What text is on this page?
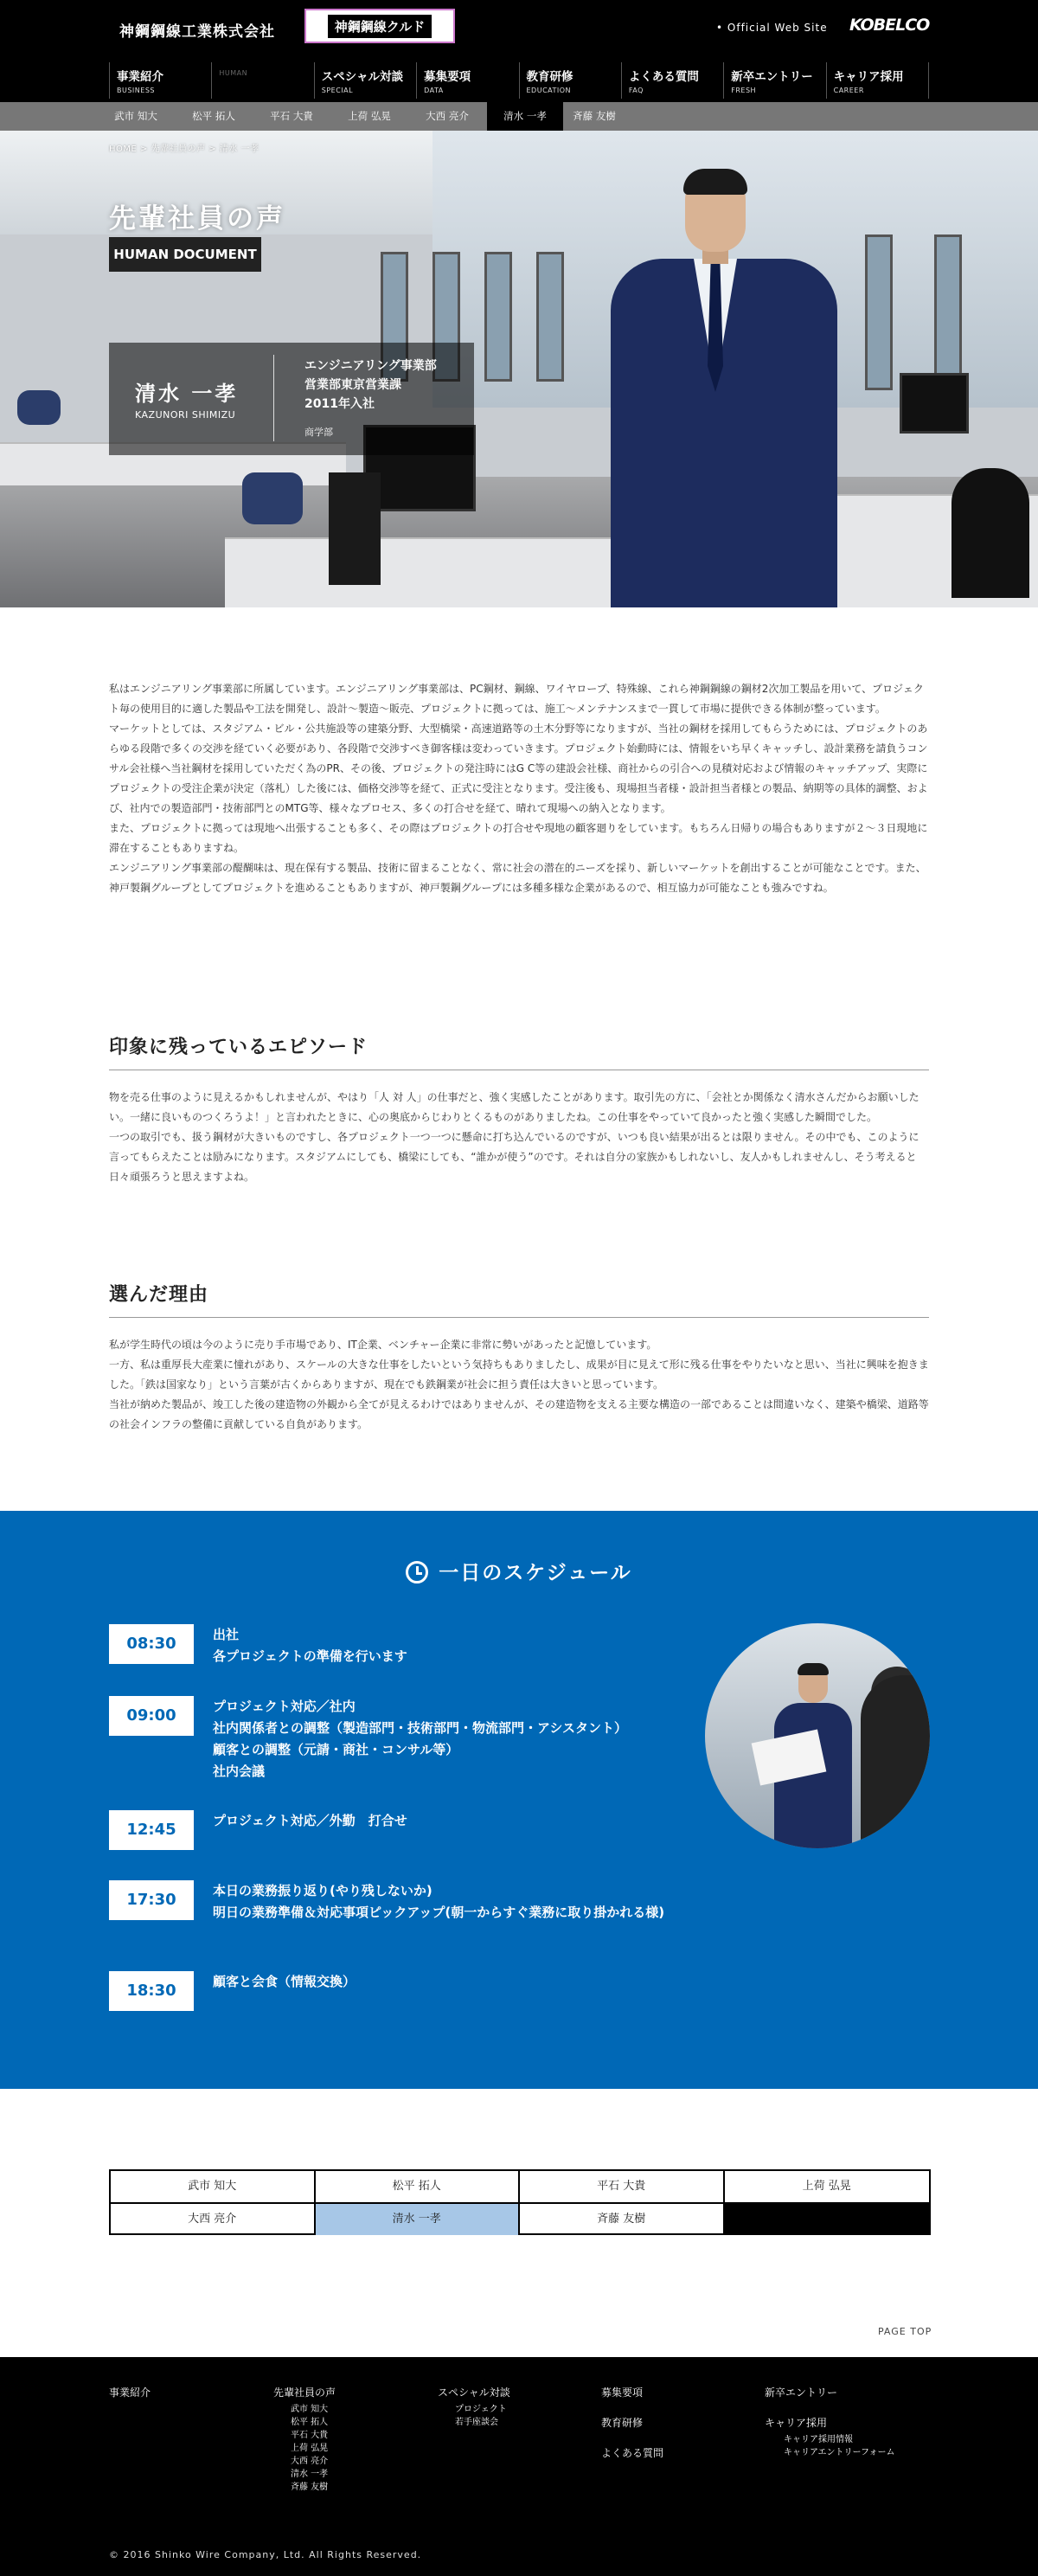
神鋼鋼線工業株式会社	神鋼鋼線クルド	• Official Web Site KOBELCO
事業紹介
BUSINESS
HUMAN	スペシャル対談
SPECIAL
募集要項
DATA
教育研修
EDUCATION
よくある質問
FAQ
新卒エントリー
FRESH
キャリア採用
CAREER
武市 知大	松平 拓人	平石 大貴	上荷 弘晃	大西 亮介	清水 一孝	斉藤 友樹
HOME > 先輩社員の声 > 清水 一孝
先輩社員の声
HUMAN DOCUMENT
清水 一孝
KAZUNORI SHIMIZU
エンジニアリング事業部
営業部東京営業課
2011年入社
商学部

私はエンジニアリング事業部に所属しています。エンジニアリング事業部は、PC鋼材、鋼線、ワイヤロープ、特殊線、これら神鋼鋼線の鋼材2次加工製品を用いて、プロジェクト毎の使用目的に適した製品や工法を開発し、設計〜製造〜販売、プロジェクトに拠っては、施工〜メンテナンスまで一貫して市場に提供できる体制が整っています。

マーケットとしては、スタジアム・ビル・公共施設等の建築分野、大型橋梁・高速道路等の土木分野等になりますが、当社の鋼材を採用してもらうためには、プロジェクトのあらゆる段階で多くの交渉を経ていく必要があり、各段階で交渉すべき御客様は変わっていきます。プロジェクト始動時には、情報をいち早くキャッチし、設計業務を請負うコンサル会社様へ当社鋼材を採用していただく為のPR、その後、プロジェクトの発注時にはG C等の建設会社様、商社からの引合への見積対応および情報のキャッチアップ、実際にプロジェクトの受注企業が決定（落札）した後には、価格交渉等を経て、正式に受注となります。受注後も、現場担当者様・設計担当者様との製品、納期等の具体的調整、および、社内での製造部門・技術部門とのMTG等、様々なプロセス、多くの打合せを経て、晴れて現場への納入となります。

また、プロジェクトに拠っては現地へ出張することも多く、その際はプロジェクトの打合せや現地の顧客廻りをしています。もちろん日帰りの場合もありますが２〜３日現地に滞在することもありますね。

エンジニアリング事業部の醍醐味は、現在保有する製品、技術に留まることなく、常に社会の潜在的ニーズを採り、新しいマーケットを創出することが可能なことです。また、神戸製鋼グループとしてプロジェクトを進めることもありますが、神戸製鋼グループには多種多様な企業があるので、相互協力が可能なことも強みですね。

印象に残っているエピソード

物を売る仕事のように見えるかもしれませんが、やはり「人 対 人」の仕事だと、強く実感したことがあります。取引先の方に、「会社とか関係なく清水さんだからお願いしたい。一緒に良いものつくろうよ！」と言われたときに、心の奥底からじわりとくるものがありましたね。この仕事をやっていて良かったと強く実感した瞬間でした。

一つの取引でも、扱う鋼材が大きいものですし、各プロジェクト一つ一つに懸命に打ち込んでいるのですが、いつも良い結果が出るとは限りません。その中でも、このように言ってもらえたことは励みになります。スタジアムにしても、橋梁にしても、“誰かが使う”のです。それは自分の家族かもしれないし、友人かもしれませんし、そう考えると日々頑張ろうと思えますよね。

選んだ理由

私が学生時代の頃は今のように売り手市場であり、IT企業、ベンチャー企業に非常に勢いがあったと記憶しています。

一方、私は重厚長大産業に憧れがあり、スケールの大きな仕事をしたいという気持ちもありましたし、成果が目に見えて形に残る仕事をやりたいなと思い、当社に興味を抱きました。「鉄は国家なり」という言葉が古くからありますが、現在でも鉄鋼業が社会に担う責任は大きいと思っています。

当社が納めた製品が、竣工した後の建造物の外観から全てが見えるわけではありませんが、その建造物を支える主要な構造の一部であることは間違いなく、建築や橋梁、道路等の社会インフラの整備に貢献している自負があります。

一日のスケジュール
08:30	出社
各プロジェクトの準備を行います
09:00	プロジェクト対応／社内
社内関係者との調整（製造部門・技術部門・物流部門・アシスタント）
顧客との調整（元請・商社・コンサル等）
社内会議
12:45	プロジェクト対応／外勤　打合せ
17:30	本日の業務振り返り(やり残しないか)
明日の業務準備＆対応事項ピックアップ(朝一からすぐ業務に取り掛かれる様)
18:30	顧客と会食（情報交換）
武市 知大	松平 拓人	平石 大貴	上荷 弘晃
大西 亮介	清水 一孝	斉藤 友樹
PAGE TOP
事業紹介	先輩社員の声
武市 知大
松平 拓人
平石 大貴
上荷 弘晃
大西 亮介
清水 一孝
斉藤 友樹
スペシャル対談
プロジェクト
若手座談会
募集要項
教育研修
よくある質問
新卒エントリー
キャリア採用
キャリア採用情報
キャリアエントリーフォーム
© 2016 Shinko Wire Company, Ltd. All Rights Reserved.
